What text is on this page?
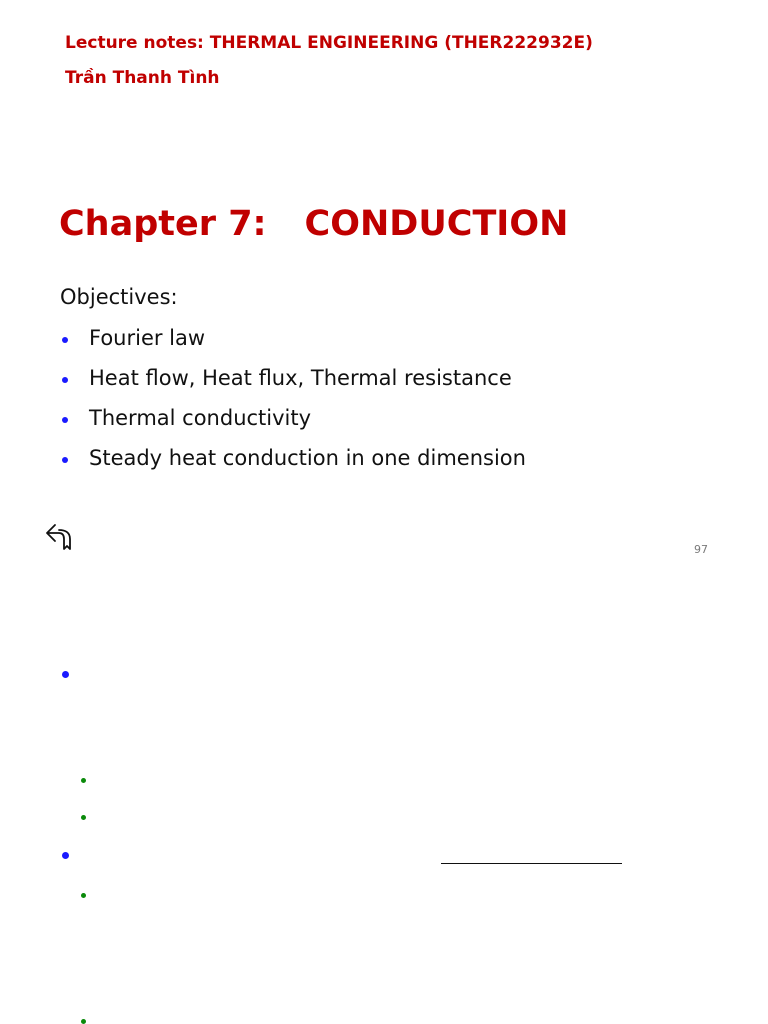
Lecture notes: THERMAL ENGINEERING (THER222932E)
Trần Thanh Tình
Chapter 7: CONDUCTION
Objectives:
Fourier law
Heat flow, Heat flux, Thermal resistance
Thermal conductivity
Steady heat conduction in one dimension
97
